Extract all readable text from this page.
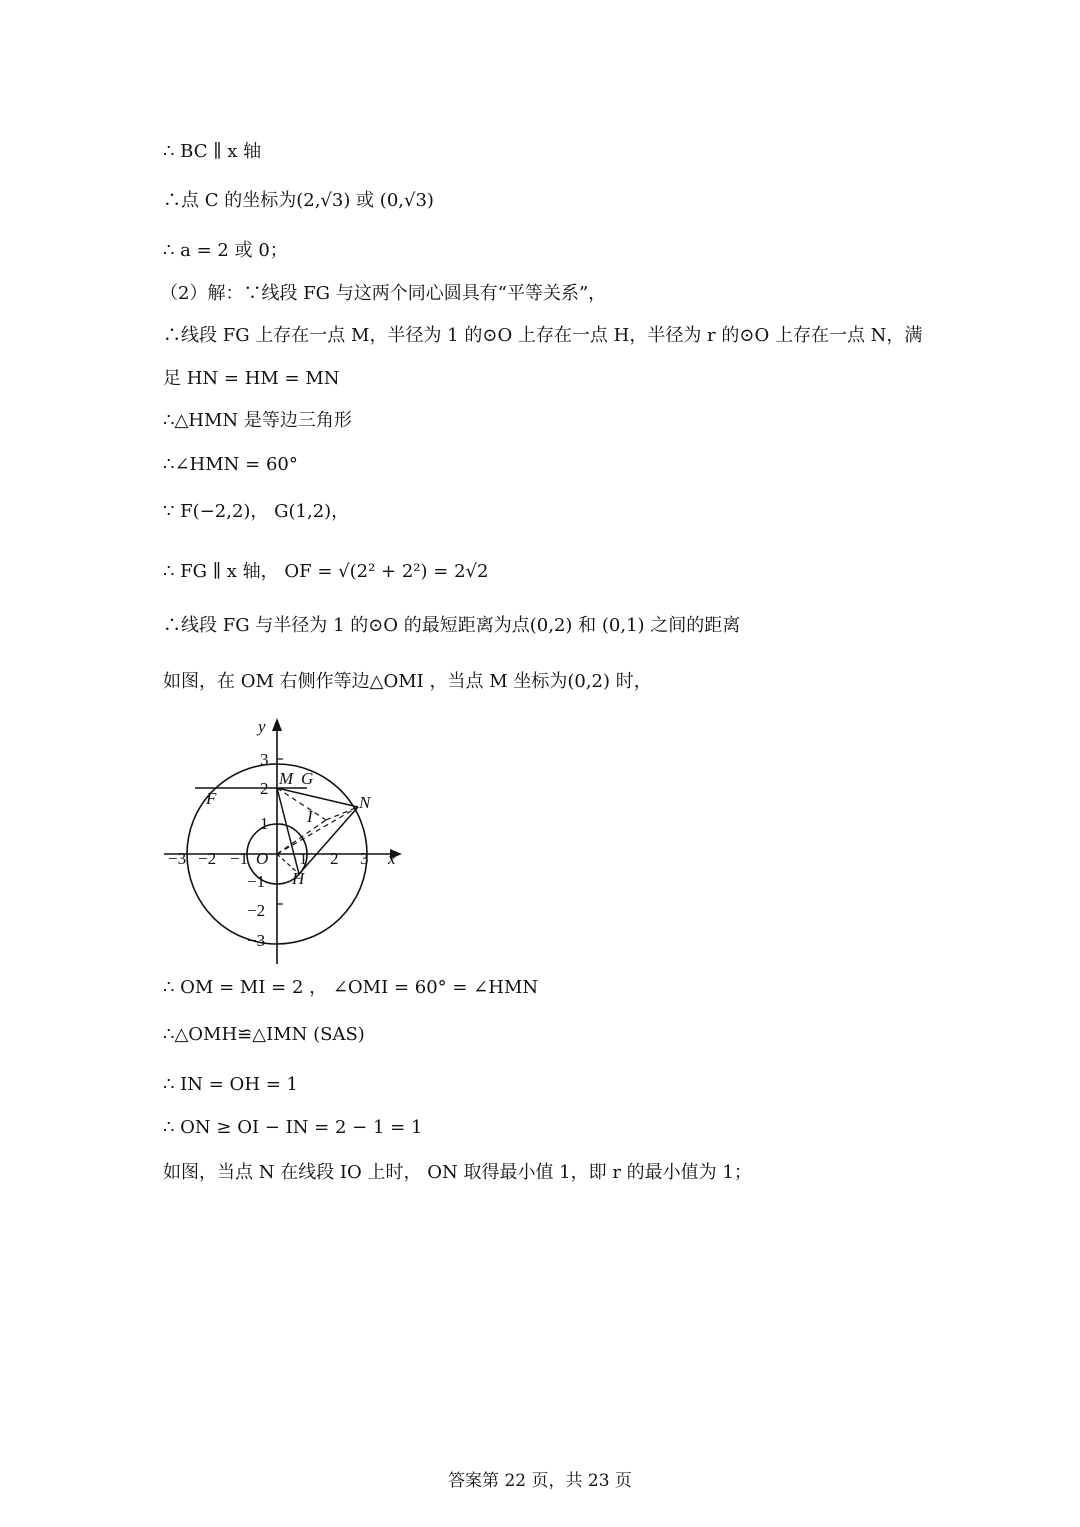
∴ BC ∥ x 轴
∴点 C 的坐标为(2,√3) 或 (0,√3)
∴ a = 2 或 0；
（2）解：∵线段 FG 与这两个同心圆具有“平等关系”，
∴线段 FG 上存在一点 M，半径为 1 的⊙O 上存在一点 H，半径为 r 的⊙O 上存在一点 N，满
足 HN = HM = MN
∴△HMN 是等边三角形
∴∠HMN = 60°
∵ F(−2,2)， G(1,2)，
∴ FG ∥ x 轴， OF = √(2² + 2²) = 2√2
∴线段 FG 与半径为 1 的⊙O 的最短距离为点(0,2) 和 (0,1) 之间的距离
如图，在 OM 右侧作等边△OMI ，当点 M 坐标为(0,2) 时，
∴ OM = MI = 2 ， ∠OMI = 60° = ∠HMN
∴△OMH≌△IMN (SAS)
∴ IN = OH = 1
∴ ON ≥ OI − IN = 2 − 1 = 1
如图，当点 N 在线段 IO 上时， ON 取得最小值 1，即 r 的最小值为 1；
y
x
−3 −2 −1	2 3
3
2
1
−1
−2
−3
O
M G
F	N
I
H
1
答案第 22 页，共 23 页
